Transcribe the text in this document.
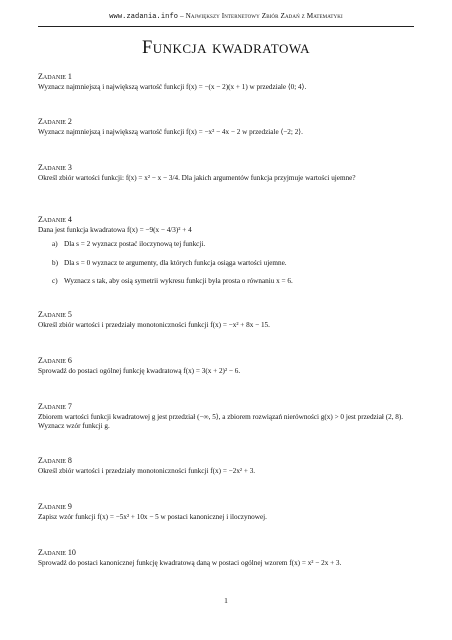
www.zadania.info – Największy Internetowy Zbiór Zadań z Matematyki
Funkcja kwadratowa
Zadanie 1
Wyznacz najmniejszą i największą wartość funkcji f(x) = −(x − 2)(x + 1) w przedziale ⟨0; 4⟩.
Zadanie 2
Wyznacz najmniejszą i największą wartość funkcji f(x) = −x² − 4x − 2 w przedziale ⟨−2; 2⟩.
Zadanie 3
Określ zbiór wartości funkcji: f(x) = x² − x − 3/4. Dla jakich argumentów funkcja przyjmuje wartości ujemne?
Zadanie 4
Dana jest funkcja kwadratowa f(x) = −9(x − 4/3)² + 4
a) Dla s = 2 wyznacz postać iloczynową tej funkcji.
b) Dla s = 0 wyznacz te argumenty, dla których funkcja osiąga wartości ujemne.
c) Wyznacz s tak, aby osią symetrii wykresu funkcji była prosta o równaniu x = 6.
Zadanie 5
Określ zbiór wartości i przedziały monotoniczności funkcji f(x) = −x² + 8x − 15.
Zadanie 6
Sprowadź do postaci ogólnej funkcję kwadratową f(x) = 3(x + 2)² − 6.
Zadanie 7
Zbiorem wartości funkcji kwadratowej g jest przedział (−∞, 5⟩, a zbiorem rozwiązań nierówności g(x) > 0 jest przedział (2, 8). Wyznacz wzór funkcji g.
Zadanie 8
Określ zbiór wartości i przedziały monotoniczności funkcji f(x) = −2x² + 3.
Zadanie 9
Zapisz wzór funkcji f(x) = −5x² + 10x − 5 w postaci kanonicznej i iloczynowej.
Zadanie 10
Sprowadź do postaci kanonicznej funkcję kwadratową daną w postaci ogólnej wzorem f(x) = x² − 2x + 3.
1
